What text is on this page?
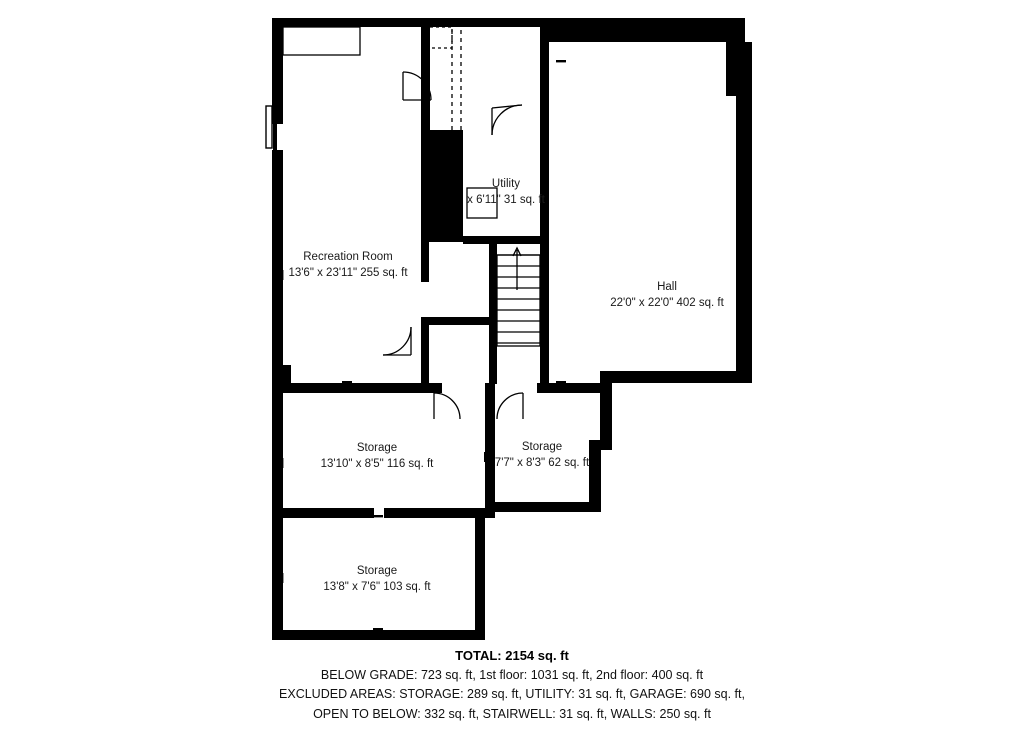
Recreation Room
13'6" x 23'11" 255 sq. ft
Utility
x 6'11" 31 sq. ft
Hall
22'0" x 22'0" 402 sq. ft
Storage
13'10" x 8'5" 116 sq. ft
Storage
7'7" x 8'3" 62 sq. ft
Storage
13'8" x 7'6" 103 sq. ft
TOTAL: 2154 sq. ft
BELOW GRADE: 723 sq. ft, 1st floor: 1031 sq. ft, 2nd floor: 400 sq. ft
EXCLUDED AREAS: STORAGE: 289 sq. ft, UTILITY: 31 sq. ft, GARAGE: 690 sq. ft,
OPEN TO BELOW: 332 sq. ft, STAIRWELL: 31 sq. ft, WALLS: 250 sq. ft
